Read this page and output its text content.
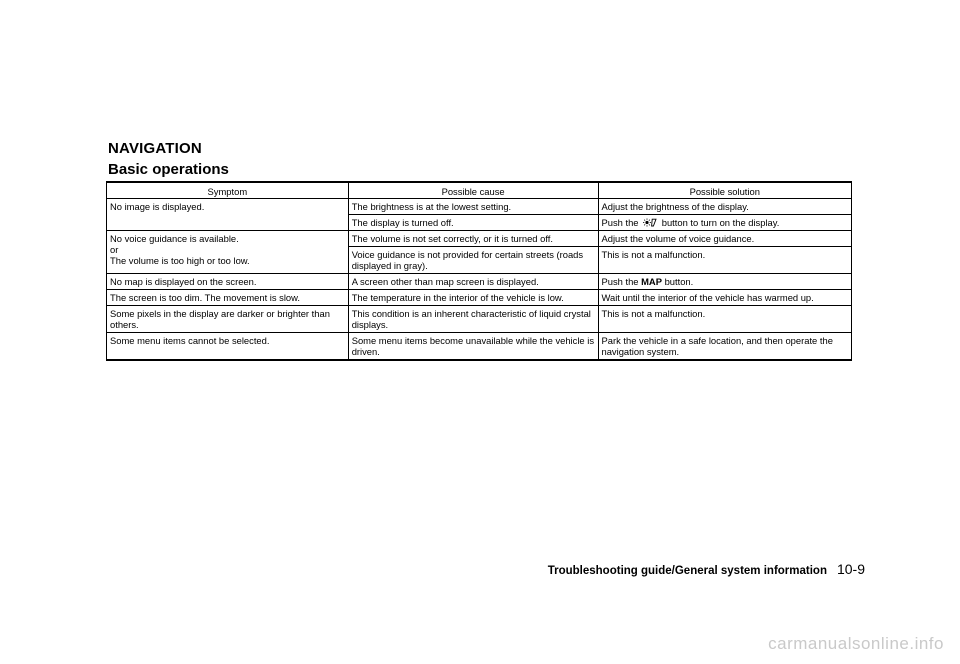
NAVIGATION
Basic operations
Symptom	Possible cause	Possible solution
No image is displayed.	The brightness is at the lowest setting.	Adjust the brightness of the display.
	The display is turned off.	Push the button to turn on the display.

No voice guidance is available.
or
The volume is too high or too low.	The volume is not set correctly, or it is turned off.	Adjust the volume of voice guidance.
	Voice guidance is not provided for certain streets (roads displayed in gray).	This is not a malfunction.
No map is displayed on the screen.	A screen other than map screen is displayed.	Push the MAP button.
The screen is too dim. The movement is slow.	The temperature in the interior of the vehicle is low.	Wait until the interior of the vehicle has warmed up.
Some pixels in the display are darker or brighter than others.	This condition is an inherent characteristic of liquid crystal displays.	This is not a malfunction.
Some menu items cannot be selected.	Some menu items become unavailable while the vehicle is driven.	Park the vehicle in a safe location, and then operate the navigation system.
Troubleshooting guide/General system information 10-9
carmanualsonline.info
